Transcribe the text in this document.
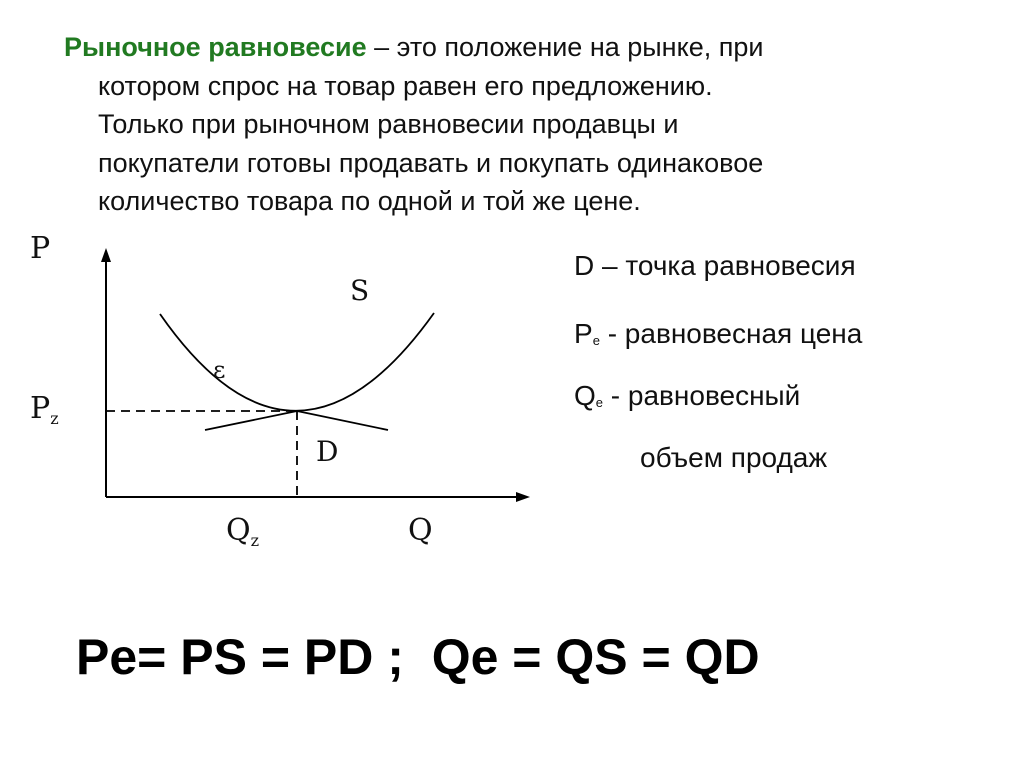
Рыночное равновесие – это положение на рынке, при
котором спрос на товар равен его предложению.
Только при рыночном равновесии продавцы и
покупатели готовы продавать и покупать одинаковое
количество товара по одной и той же цене.
P
$P_z$
$Q_z$	Q
S
ε
D
D – точка равновесия
Pe - равновесная цена
Qe - равновесный
объем продаж
Pe= PS = PD ;  Qe = QS = QD
